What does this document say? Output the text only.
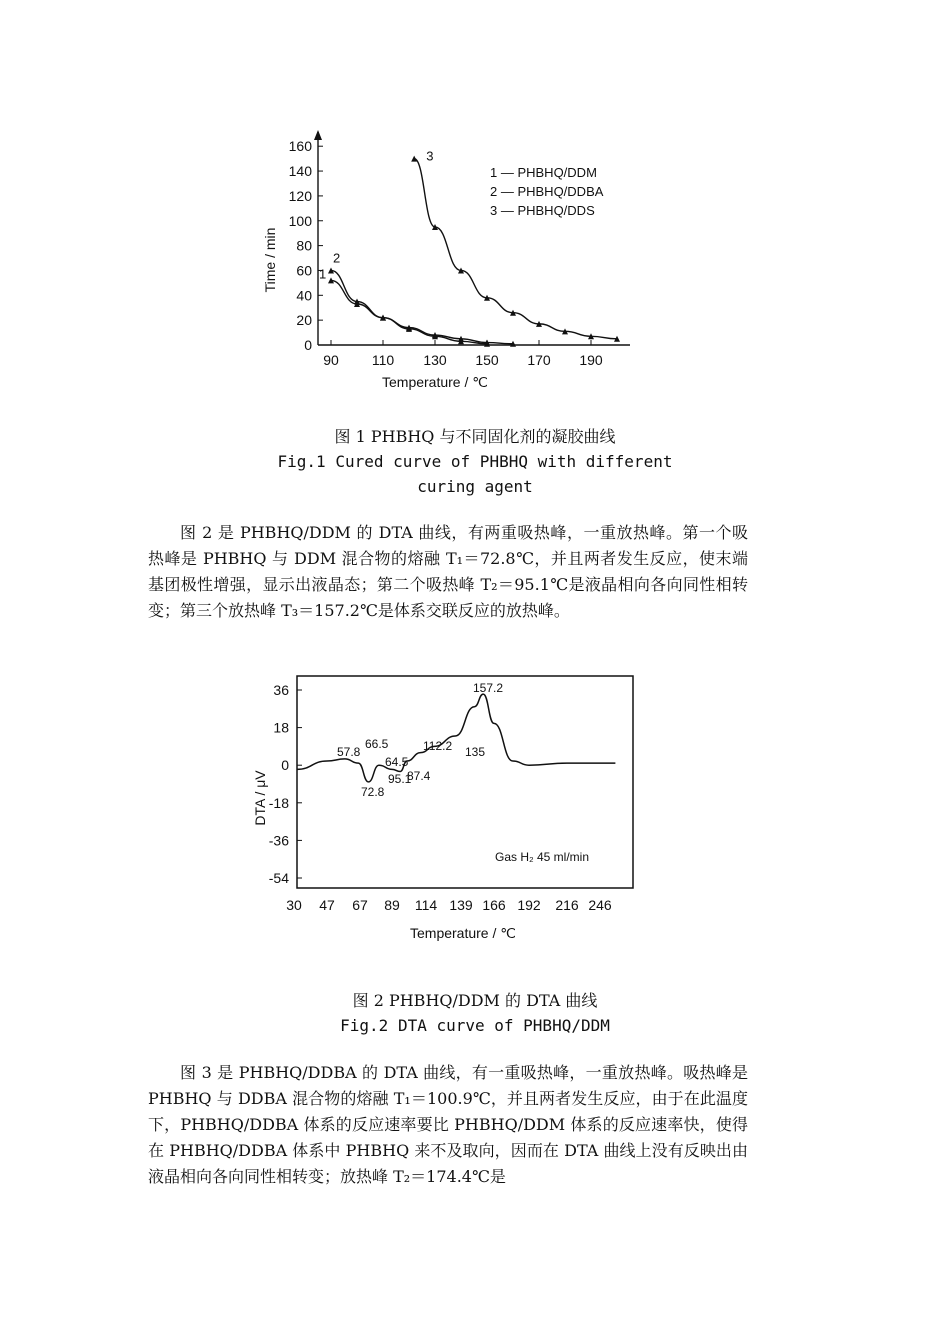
0
20
40
60
80
100
120
140
160
90 110 130 150 170 190
1
2
3
1 — PHBHQ/DDM
2 — PHBHQ/DDBA
3 — PHBHQ/DDS
Temperature / ℃
Time / min
图 1 PHBHQ 与不同固化剂的凝胶曲线
Fig.1 Cured curve of PHBHQ with different
curing agent

图 2 是 PHBHQ/DDM 的 DTA 曲线，有两重吸热峰，一重放热峰。第一个吸热峰是 PHBHQ 与 DDM 混合物的熔融 T₁＝72.8℃，并且两者发生反应，使末端基团极性增强，显示出液晶态；第二个吸热峰 T₂＝95.1℃是液晶相向各向同性相转变；第三个放热峰 T₃＝157.2℃是体系交联反应的放热峰。

36
18
0
-18
-36
-54
30 47 67 89 114 139 166 192 216 246
57.8
66.5
64.5
72.8
95.1
87.4
112.2 135
157.2
Gas H₂ 45 ml/min
Temperature / ℃
DTA / μV
图 2 PHBHQ/DDM 的 DTA 曲线
Fig.2 DTA curve of PHBHQ/DDM

图 3 是 PHBHQ/DDBA 的 DTA 曲线，有一重吸热峰，一重放热峰。吸热峰是 PHBHQ 与 DDBA 混合物的熔融 T₁＝100.9℃，并且两者发生反应，由于在此温度下，PHBHQ/DDBA 体系的反应速率要比 PHBHQ/DDM 体系的反应速率快，使得在 PHBHQ/DDBA 体系中 PHBHQ 来不及取向，因而在 DTA 曲线上没有反映出由液晶相向各向同性相转变；放热峰 T₂＝174.4℃是
